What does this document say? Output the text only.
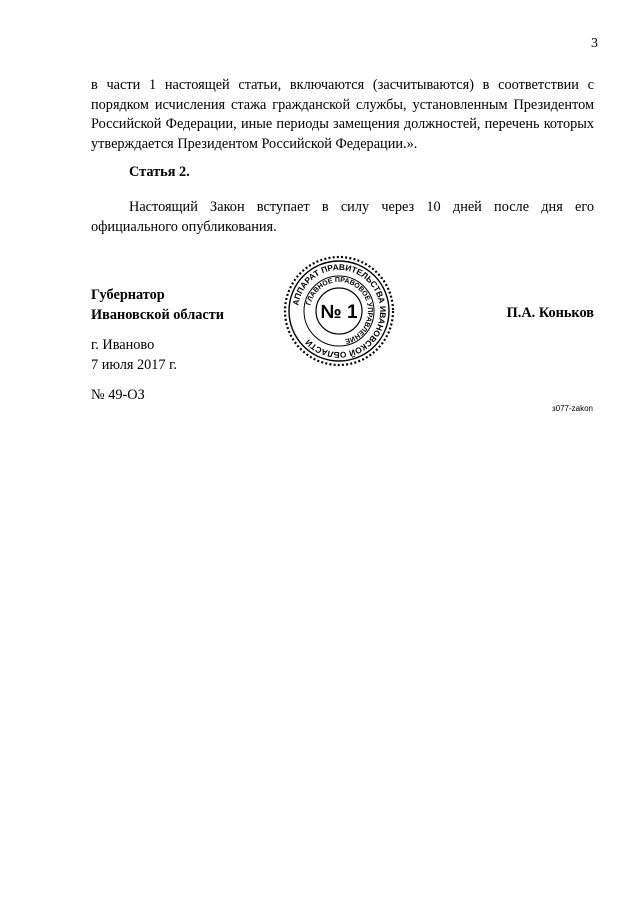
3

в части 1 настоящей статьи, включаются (засчитываются) в соответствии с порядком исчисления стажа гражданской службы, установленным Президентом Российской Федерации, иные периоды замещения должностей, перечень которых утверждается Президентом Российской Федерации.».

Статья 2.

Настоящий Закон вступает в силу через 10 дней после дня его официального опубликования.

Губернатор
Ивановской области
АППАРАТ ПРАВИТЕЛЬСТВА ИВАНОВСКОЙ ОБЛАСТИ
ГЛАВНОЕ ПРАВОВОЕ УПРАВЛЕНИЕ
№ 1	П.А. Коньков
г. Иваново
7 июля 2017 г.
№ 49-ОЗ
з077-zakon
